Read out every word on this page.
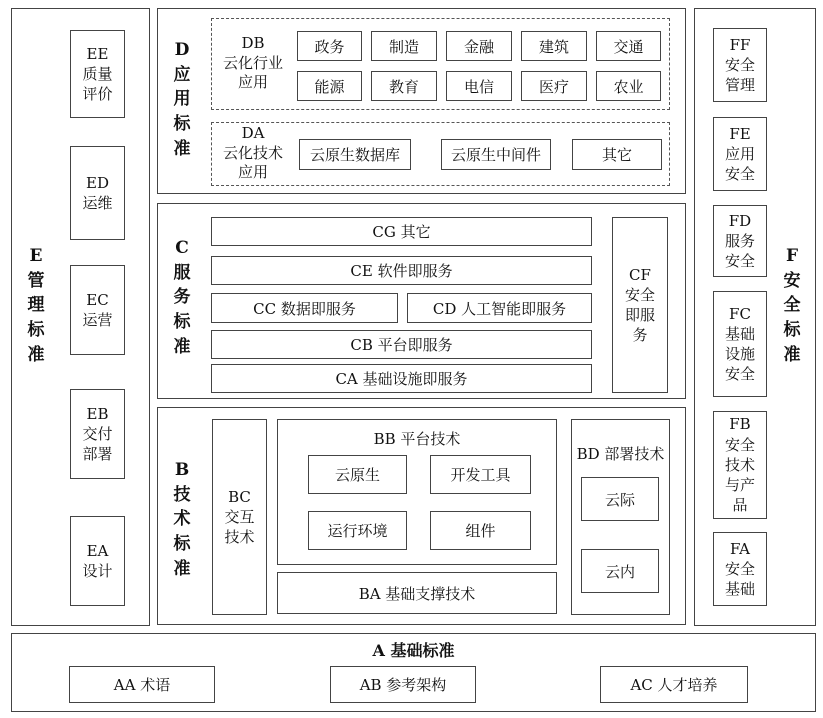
E
管
理
标
准
EE
质量
评价
ED
运维
EC
运营
EB
交付
部署
EA
设计
F
安
全
标
准
FF
安全
管理
FE
应用
安全
FD
服务
安全
FC
基础
设施
安全
FB
安全
技术
与产
品
FA
安全
基础
D
应
用
标
准
DB
云化行业
应用
政务	制造	金融	建筑	交通
能源	教育	电信	医疗	农业
DA
云化技术
应用
云原生数据库	云原生中间件	其它
C
服
务
标
准
CG 其它
CE 软件即服务
CC 数据即服务	CD 人工智能即服务
CB 平台即服务
CA 基础设施即服务
CF
安全
即服
务
B
技
术
标
准
BC
交互
技术
BB 平台技术
云原生	开发工具
运行环境	组件
BD 部署技术
云际
云内
BA 基础支撑技术
A 基础标准
AA 术语	AB 参考架构	AC 人才培养
